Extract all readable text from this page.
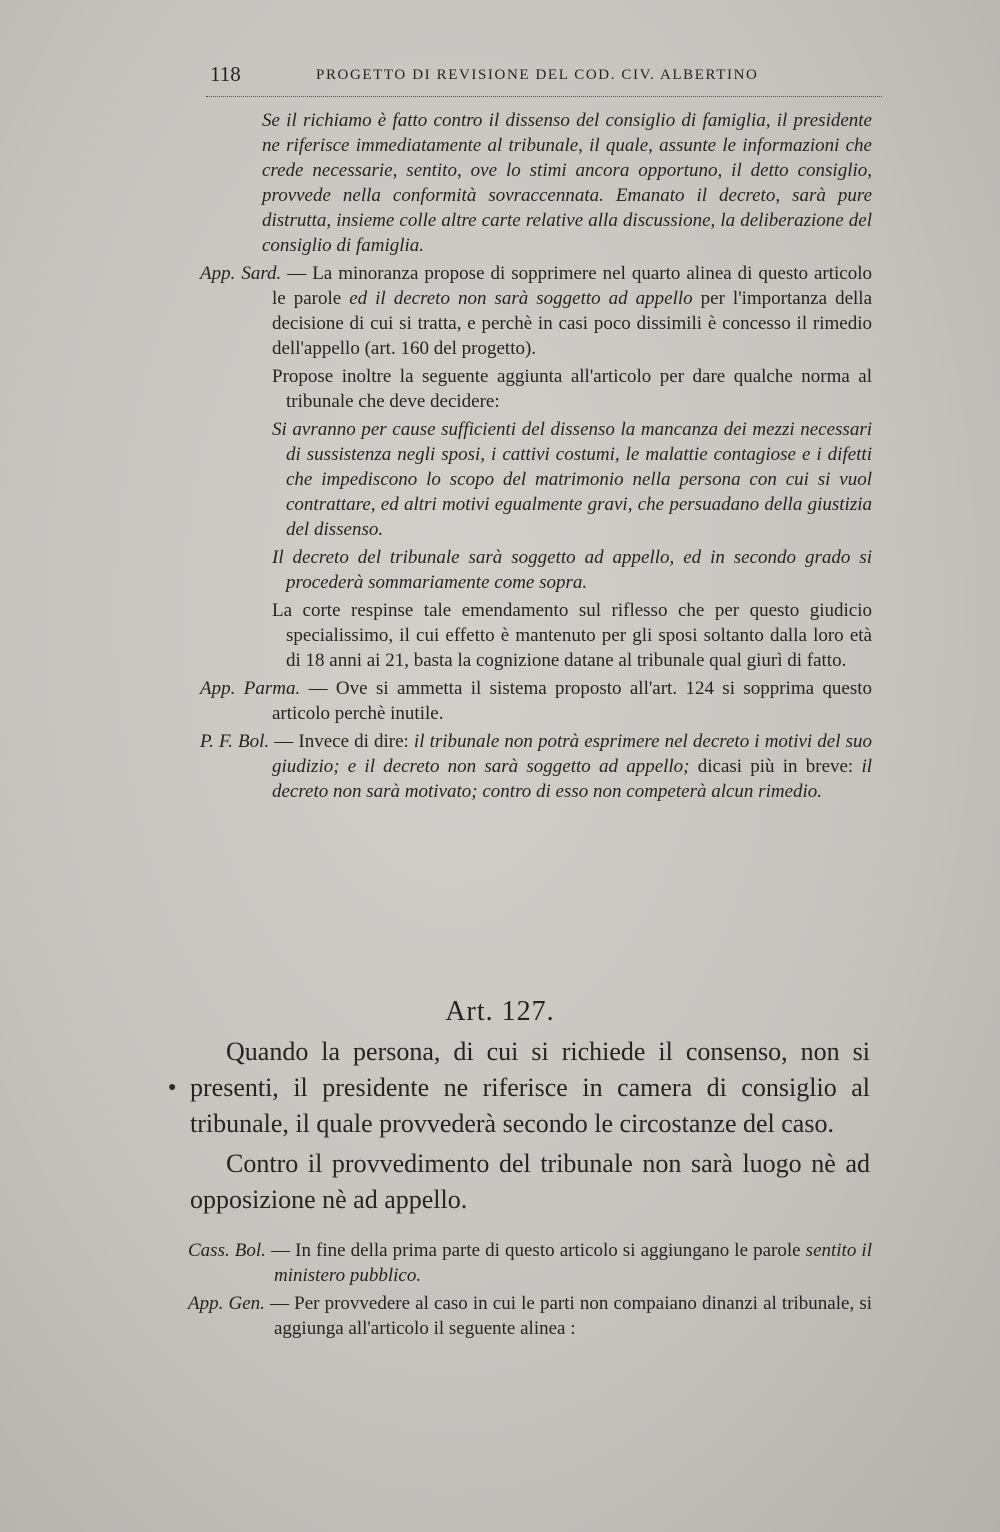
118	PROGETTO DI REVISIONE DEL COD. CIV. ALBERTINO

Se il richiamo è fatto contro il dissenso del consiglio di famiglia, il presidente ne riferisce immediatamente al tribunale, il quale, assunte le informazioni che crede necessarie, sentito, ove lo stimi ancora opportuno, il detto consiglio, provvede nella conformità sovraccennata. Emanato il decreto, sarà pure distrutta, insieme colle altre carte relative alla discussione, la deliberazione del consiglio di famiglia.

App. Sard. — La minoranza propose di sopprimere nel quarto alinea di questo articolo le parole ed il decreto non sarà soggetto ad appello per l'importanza della decisione di cui si tratta, e perchè in casi poco dissimili è concesso il rimedio dell'appello (art. 160 del progetto).

Propose inoltre la seguente aggiunta all'articolo per dare qualche norma al tribunale che deve decidere:

Si avranno per cause sufficienti del dissenso la mancanza dei mezzi necessari di sussistenza negli sposi, i cattivi costumi, le malattie contagiose e i difetti che impediscono lo scopo del matrimonio nella persona con cui si vuol contrattare, ed altri motivi egualmente gravi, che persuadano della giustizia del dissenso.

Il decreto del tribunale sarà soggetto ad appello, ed in secondo grado si procederà sommariamente come sopra.

La corte respinse tale emendamento sul riflesso che per questo giudicio specialissimo, il cui effetto è mantenuto per gli sposi soltanto dalla loro età di 18 anni ai 21, basta la cognizione datane al tribunale qual giurì di fatto.

App. Parma. — Ove si ammetta il sistema proposto all'art. 124 si sopprima questo articolo perchè inutile.

P. F. Bol. — Invece di dire: il tribunale non potrà esprimere nel decreto i motivi del suo giudizio; e il decreto non sarà soggetto ad appello; dicasi più in breve: il decreto non sarà motivato; contro di esso non competerà alcun rimedio.

Art. 127.
●

Quando la persona, di cui si richiede il consenso, non si presenti, il presidente ne riferisce in camera di consiglio al tribunale, il quale provvederà secondo le circostanze del caso.

Contro il provvedimento del tribunale non sarà luogo nè ad opposizione nè ad appello.

Cass. Bol. — In fine della prima parte di questo articolo si aggiungano le parole sentito il ministero pubblico.

App. Gen. — Per provvedere al caso in cui le parti non compaiano dinanzi al tribunale, si aggiunga all'articolo il seguente alinea :
